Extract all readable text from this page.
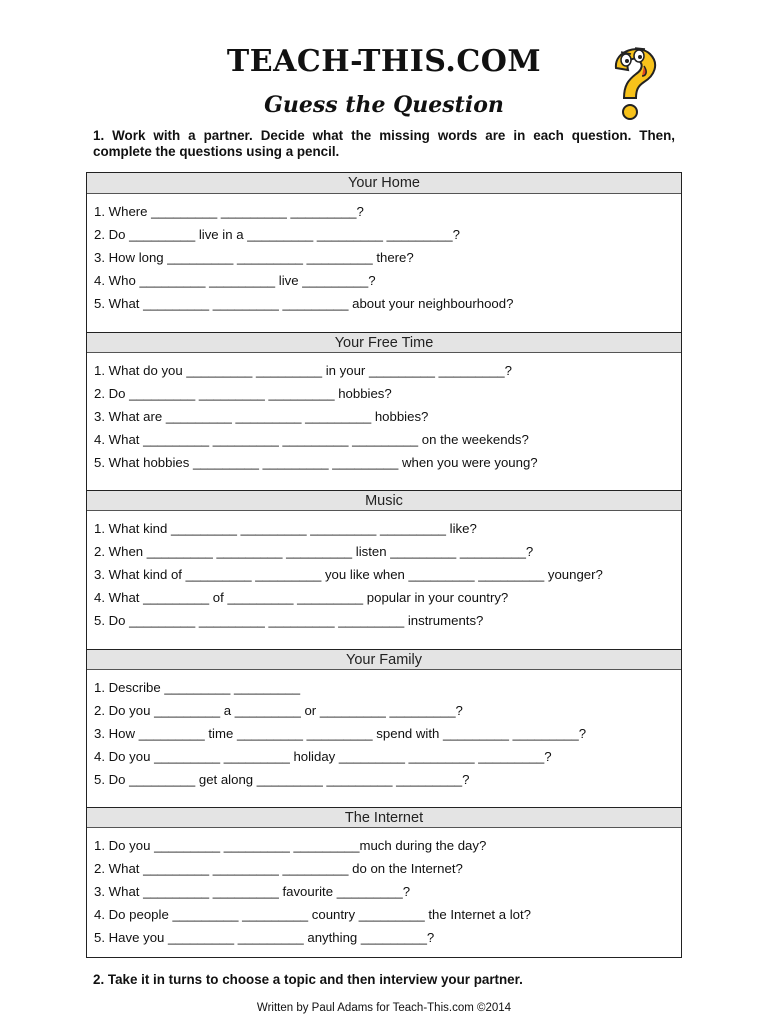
TEACH-THIS.COM
Guess the Question
1. Work with a partner. Decide what the missing words are in each question. Then, complete the questions using a pencil.
Your Home
1. Where _________ _________ _________?
2. Do _________ live in a _________ _________ _________?
3. How long _________ _________ _________ there?
4. Who _________ _________ live _________?
5. What _________ _________ _________ about your neighbourhood?
Your Free Time
1. What do you _________ _________ in your _________ _________?
2. Do _________ _________ _________ hobbies?
3. What are _________ _________ _________ hobbies?
4. What _________ _________ _________ _________ on the weekends?
5. What hobbies _________ _________ _________ when you were young?
Music
1. What kind _________ _________ _________ _________ like?
2. When _________ _________ _________ listen _________ _________?
3. What kind of _________ _________ you like when _________ _________ younger?
4. What _________ of _________ _________ popular in your country?
5. Do _________ _________ _________ _________ instruments?
Your Family
1. Describe _________ _________
2. Do you _________ a _________ or _________ _________?
3. How _________ time _________ _________ spend with _________ _________?
4. Do you _________ _________ holiday _________ _________ _________?
5. Do _________ get along _________ _________ _________?
The Internet
1. Do you _________ _________ _________much during the day?
2. What _________ _________ _________ do on the Internet?
3. What _________ _________ favourite _________?
4. Do people _________ _________ country _________ the Internet a lot?
5. Have you _________ _________ anything _________?
2. Take it in turns to choose a topic and then interview your partner.
Written by Paul Adams for Teach-This.com ©2014
